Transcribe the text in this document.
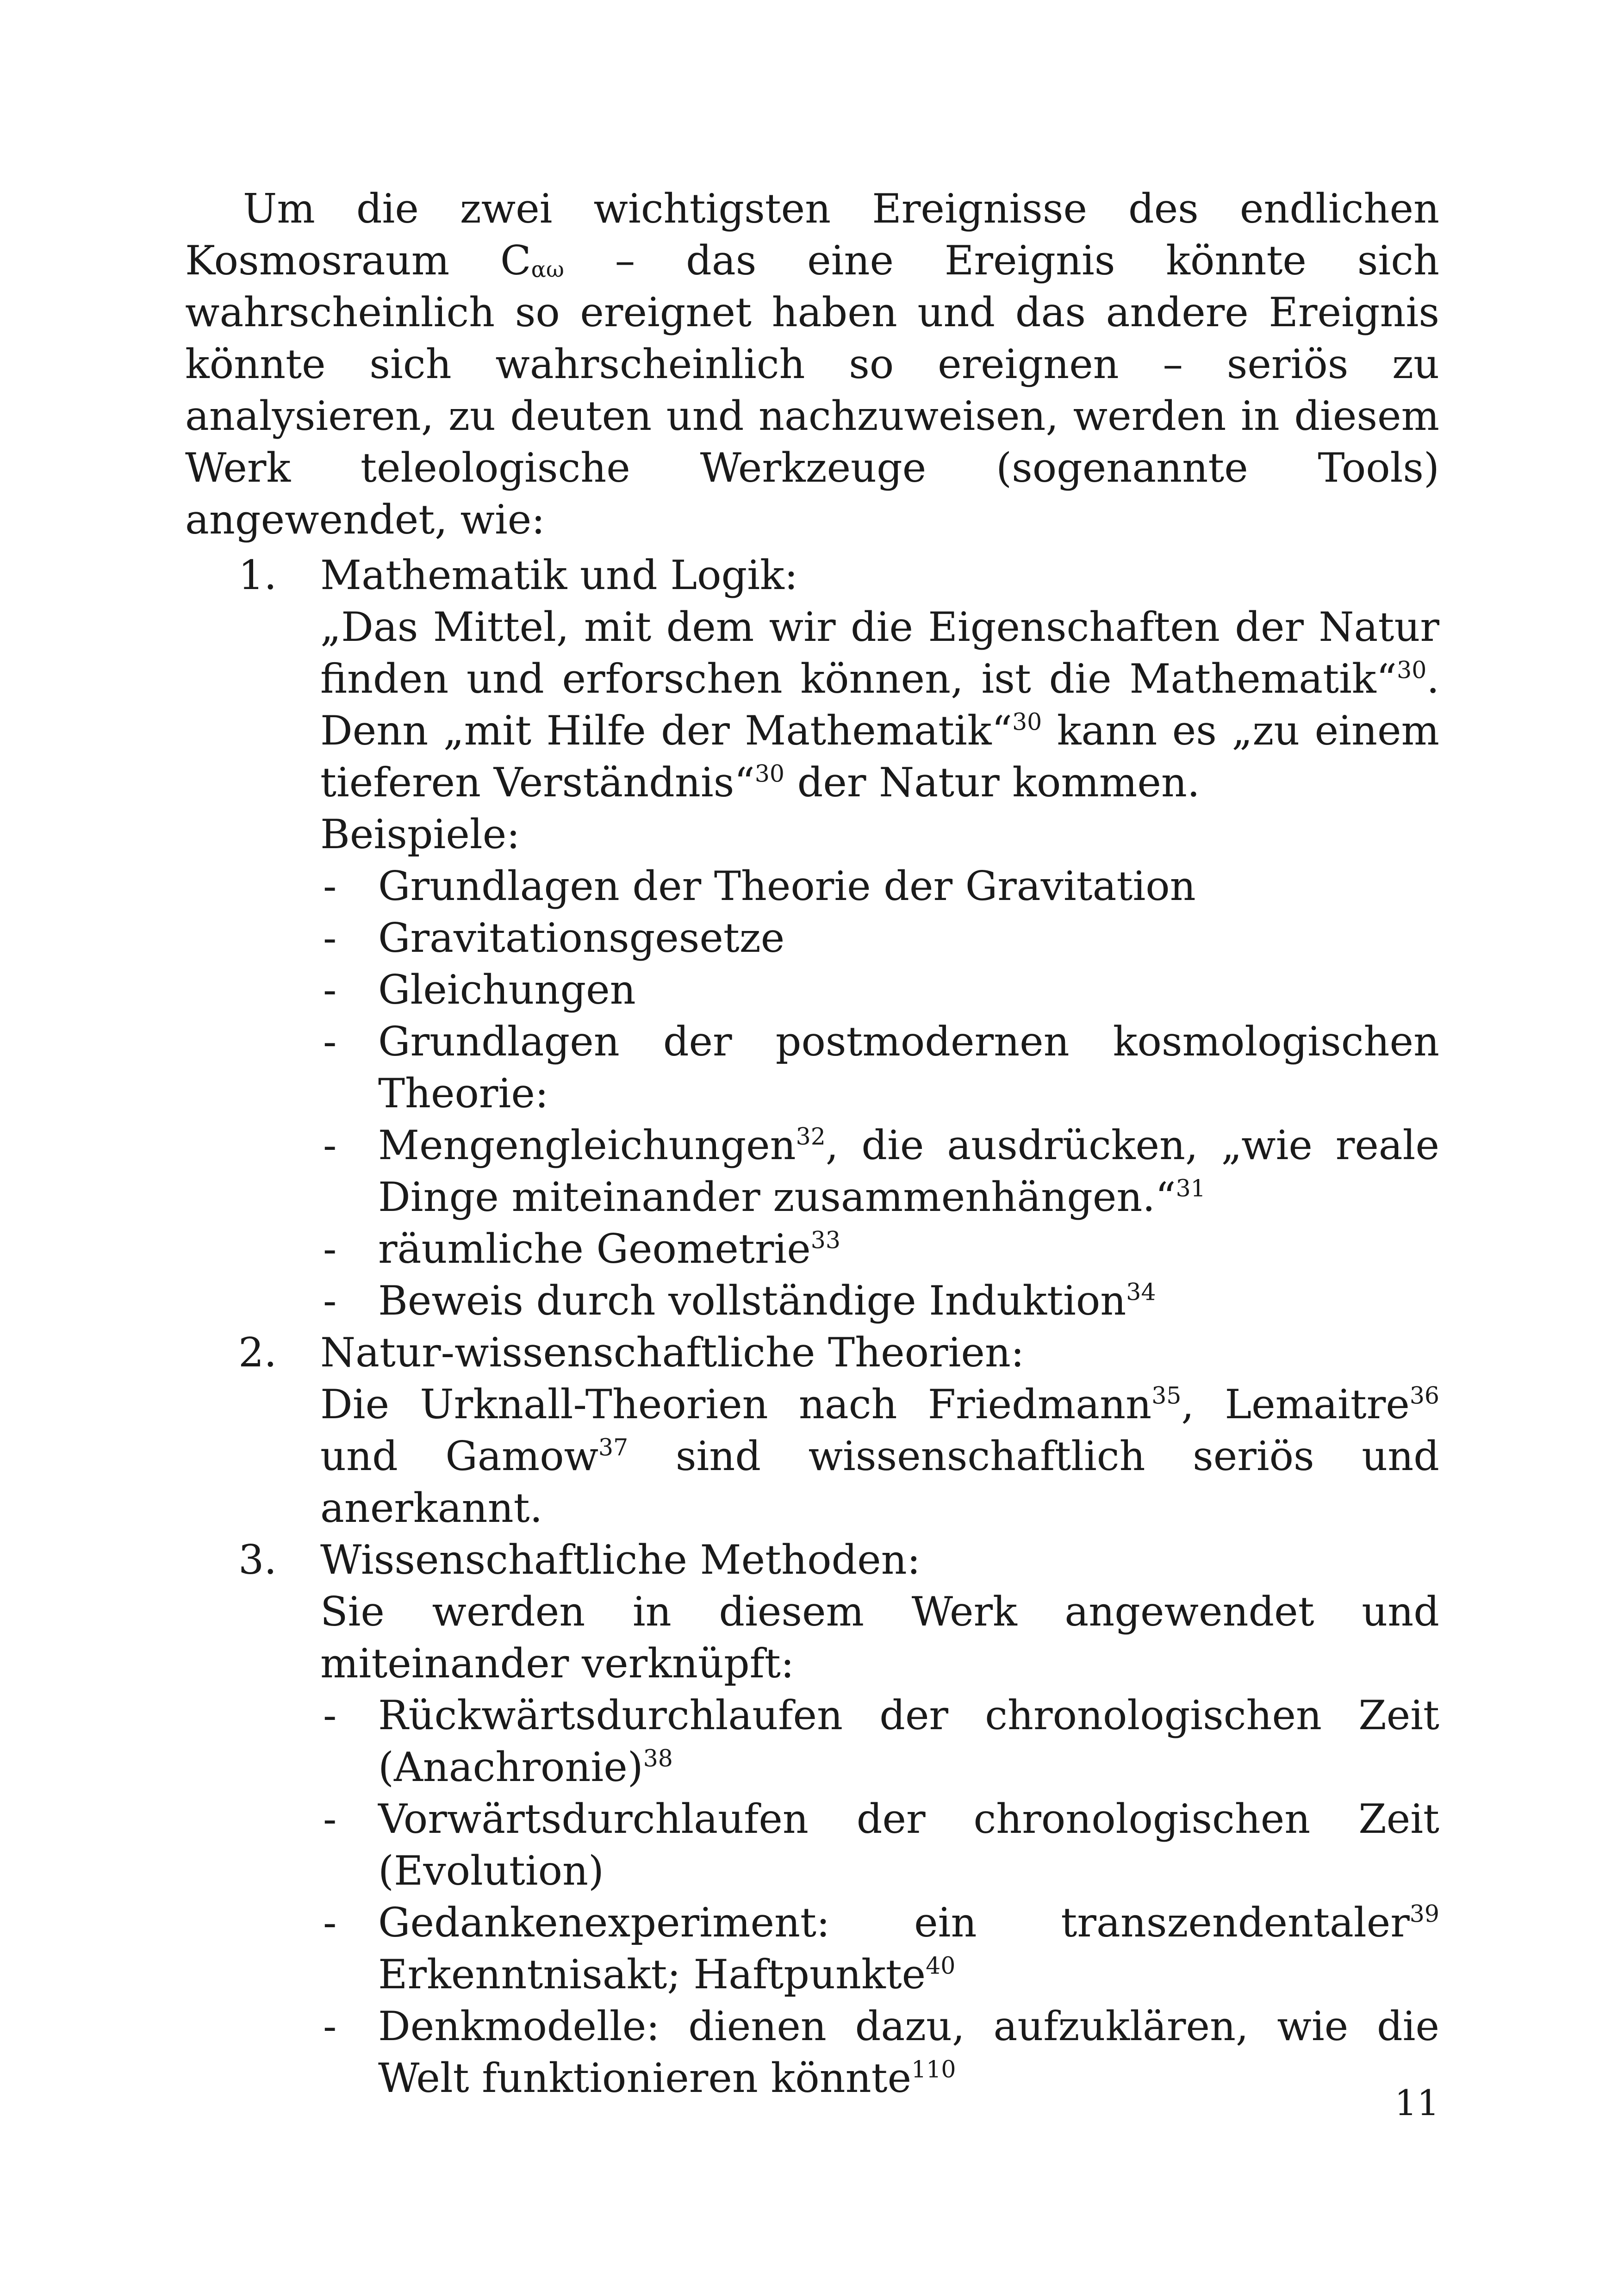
Um die zwei wichtigsten Ereignisse des endlichen Kosmosraum $C_{\alpha\omega}$ – das eine Ereignis könnte sich wahrscheinlich so ereignet haben und das andere Ereignis könnte sich wahrscheinlich so ereignen – seriös zu analysieren, zu deuten und nachzuweisen, werden in diesem Werk teleologische Werkzeuge (sogenannte Tools) angewendet, wie:

1. Mathematik und Logik:

„Das Mittel, mit dem wir die Eigenschaften der Natur finden und erforschen können, ist die Mathematik“$^{30}$. Denn „mit Hilfe der Mathematik“$^{30}$ kann es „zu einem tieferen Verständnis“$^{30}$ der Natur kommen.

Beispiele:

- Grundlagen der Theorie der Gravitation
- Gravitationsgesetze
- Gleichungen
- Grundlagen der postmodernen kosmologischen Theorie:
- Mengengleichungen$^{32}$, die ausdrücken, „wie reale Dinge miteinander zusammenhängen.“$^{31}$
- räumliche Geometrie$^{33}$
- Beweis durch vollständige Induktion$^{34}$
2. Natur-wissenschaftliche Theorien:

Die Urknall-Theorien nach Friedmann$^{35}$, Lemaitre$^{36}$ und Gamow$^{37}$ sind wissenschaftlich seriös und anerkannt.

3. Wissenschaftliche Methoden:

Sie werden in diesem Werk angewendet und miteinander verknüpft:

- Rückwärtsdurchlaufen der chronologischen Zeit (Anachronie)$^{38}$
- Vorwärtsdurchlaufen der chronologischen Zeit (Evolution)
- Gedankenexperiment: ein transzendentaler$^{39}$ Erkenntnisakt; Haftpunkte$^{40}$
- Denkmodelle: dienen dazu, aufzuklären, wie die Welt funktionieren könnte$^{110}$
11
